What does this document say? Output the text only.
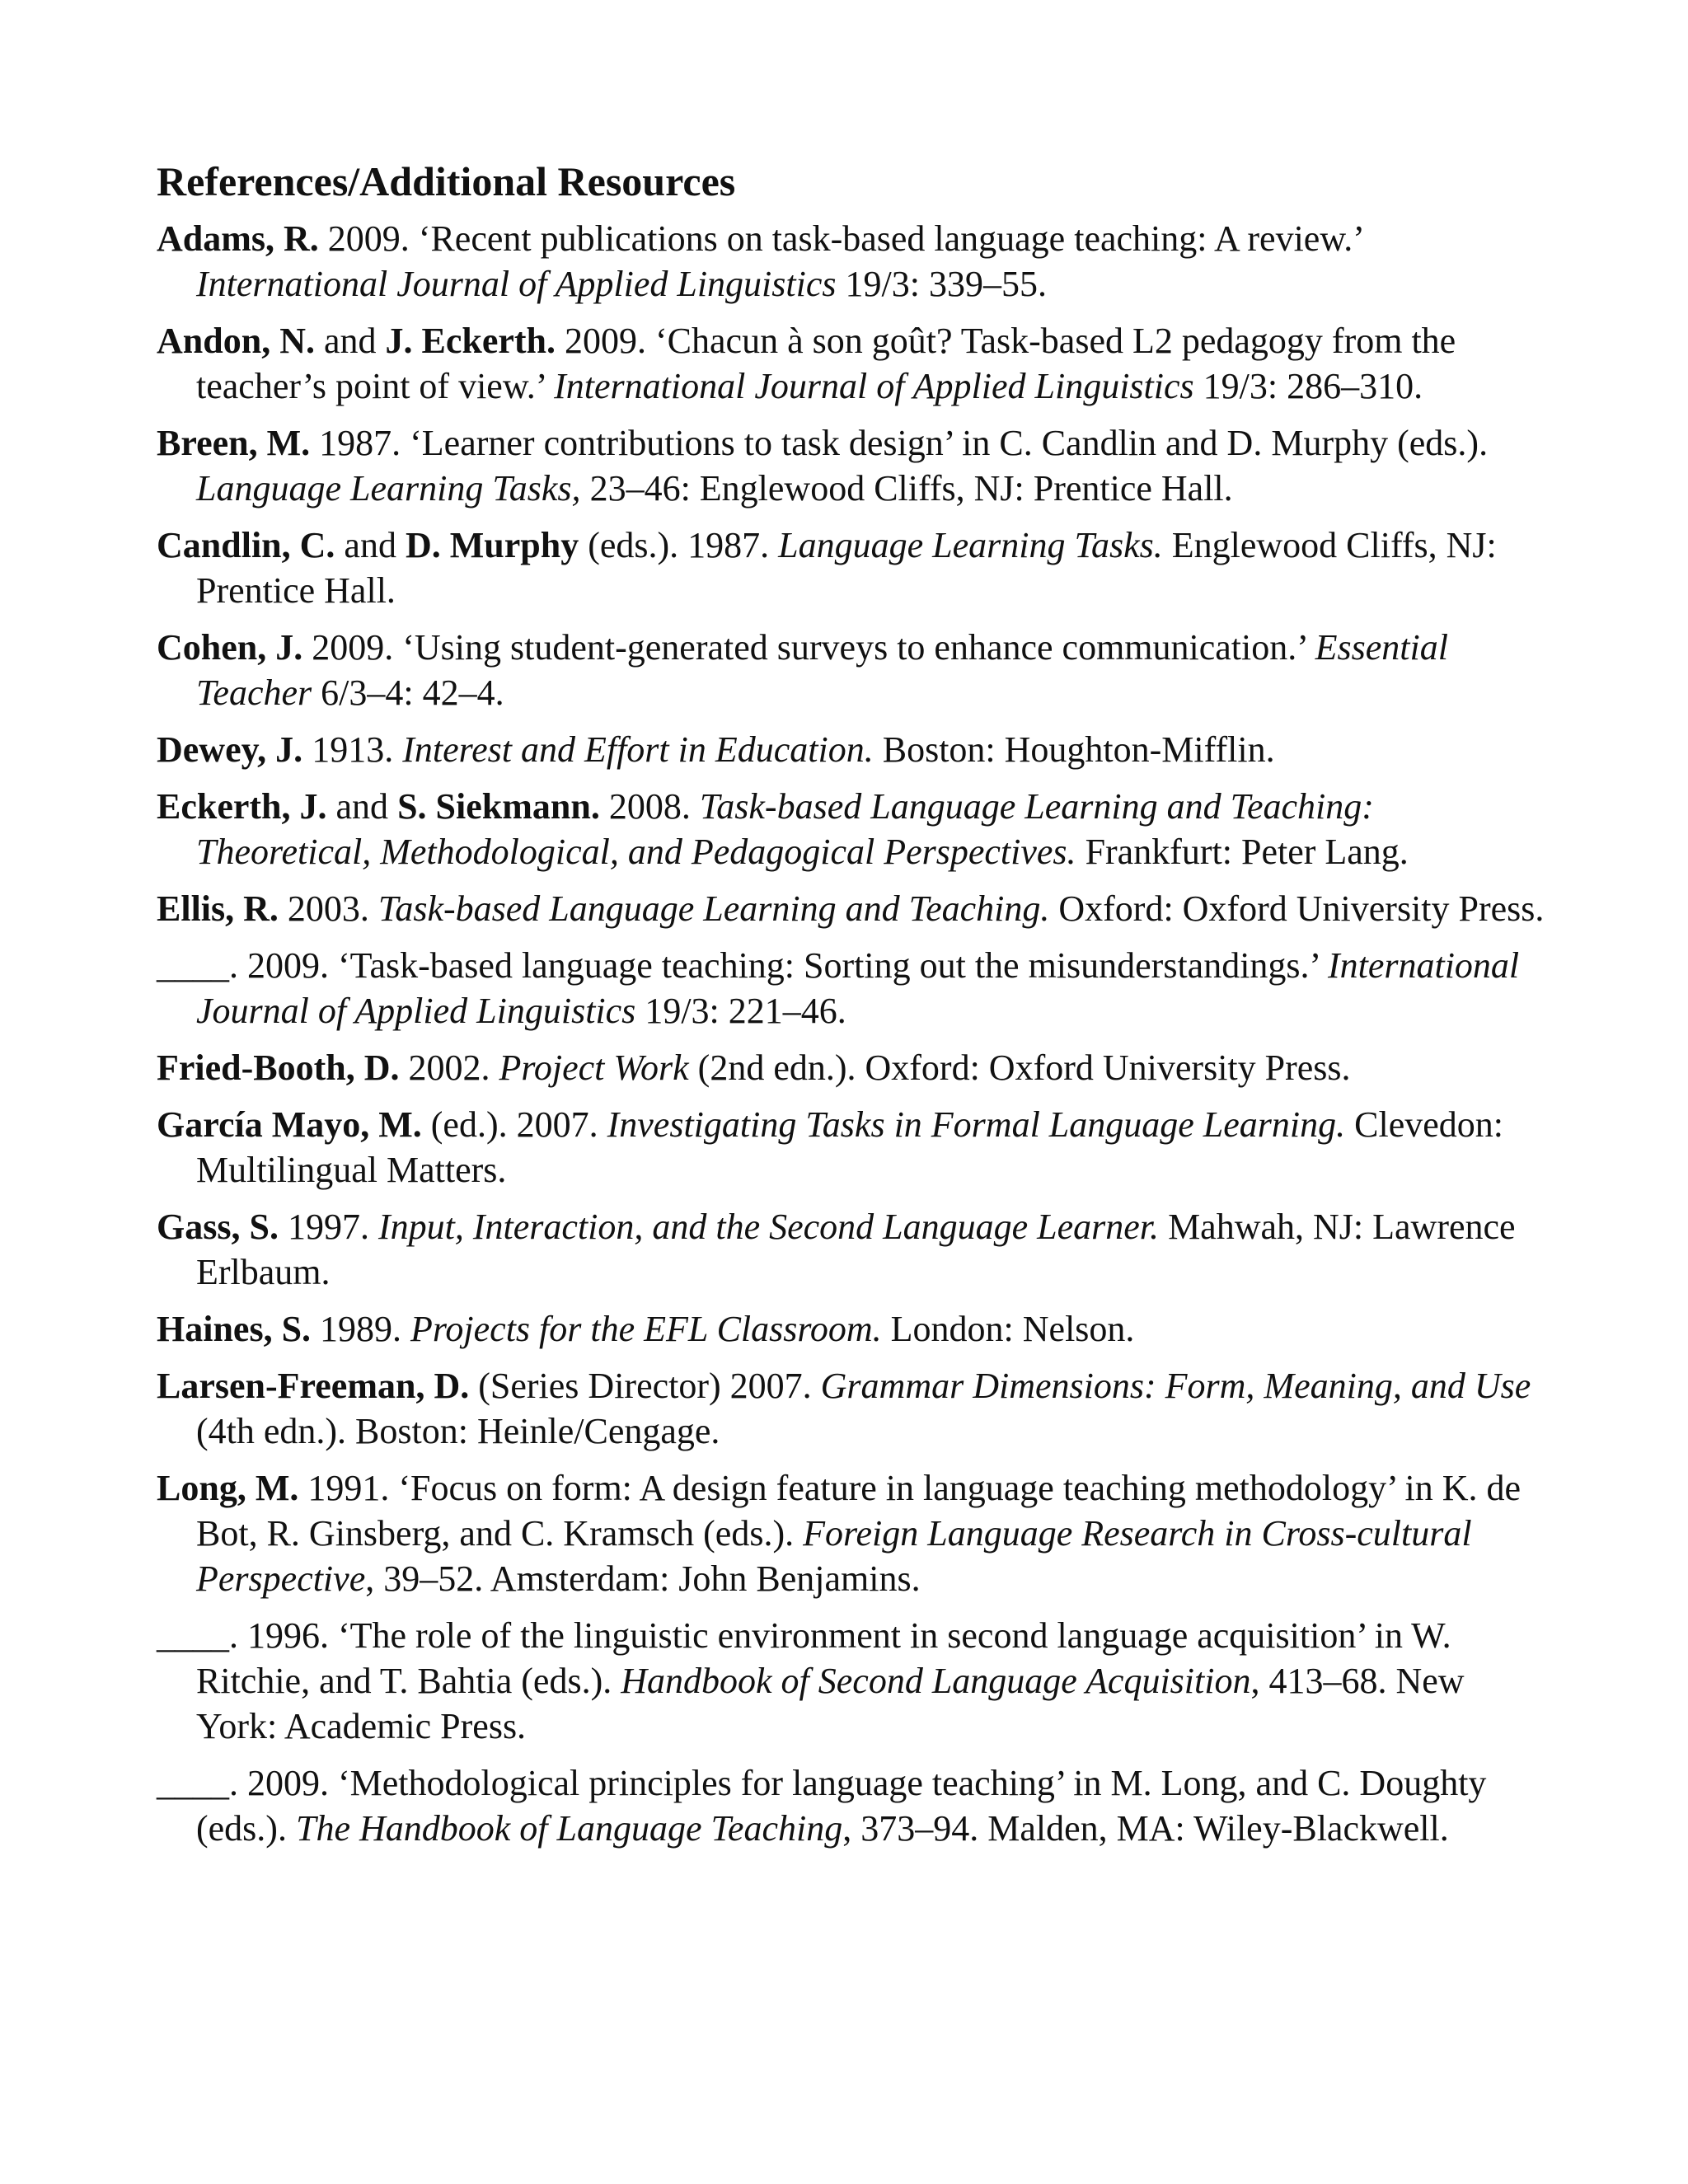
References/Additional Resources
Adams, R. 2009. ‘Recent publications on task-based language teaching: A review.’ International Journal of Applied Linguistics 19/3: 339–55.
Andon, N. and J. Eckerth. 2009. ‘Chacun à son goût? Task-based L2 pedagogy from the teacher’s point of view.’ International Journal of Applied Linguistics 19/3: 286–310.
Breen, M. 1987. ‘Learner contributions to task design’ in C. Candlin and D. Murphy (eds.). Language Learning Tasks, 23–46: Englewood Cliffs, NJ: Prentice Hall.
Candlin, C. and D. Murphy (eds.). 1987. Language Learning Tasks. Englewood Cliffs, NJ: Prentice Hall.
Cohen, J. 2009. ‘Using student-generated surveys to enhance communication.’ Essential Teacher 6/3–4: 42–4.
Dewey, J. 1913. Interest and Effort in Education. Boston: Houghton-Mifflin.
Eckerth, J. and S. Siekmann. 2008. Task-based Language Learning and Teaching: Theoretical, Methodological, and Pedagogical Perspectives. Frankfurt: Peter Lang.
Ellis, R. 2003. Task-based Language Learning and Teaching. Oxford: Oxford University Press.
____. 2009. ‘Task-based language teaching: Sorting out the misunderstandings.’ International Journal of Applied Linguistics 19/3: 221–46.
Fried-Booth, D. 2002. Project Work (2nd edn.). Oxford: Oxford University Press.
García Mayo, M. (ed.). 2007. Investigating Tasks in Formal Language Learning. Clevedon: Multilingual Matters.
Gass, S. 1997. Input, Interaction, and the Second Language Learner. Mahwah, NJ: Lawrence Erlbaum.
Haines, S. 1989. Projects for the EFL Classroom. London: Nelson.
Larsen-Freeman, D. (Series Director) 2007. Grammar Dimensions: Form, Meaning, and Use (4th edn.). Boston: Heinle/Cengage.
Long, M. 1991. ‘Focus on form: A design feature in language teaching methodology’ in K. de Bot, R. Ginsberg, and C. Kramsch (eds.). Foreign Language Research in Cross-cultural Perspective, 39–52. Amsterdam: John Benjamins.
____. 1996. ‘The role of the linguistic environment in second language acquisition’ in W. Ritchie, and T. Bahtia (eds.). Handbook of Second Language Acquisition, 413–68. New York: Academic Press.
____. 2009. ‘Methodological principles for language teaching’ in M. Long, and C. Doughty (eds.). The Handbook of Language Teaching, 373–94. Malden, MA: Wiley-Blackwell.
